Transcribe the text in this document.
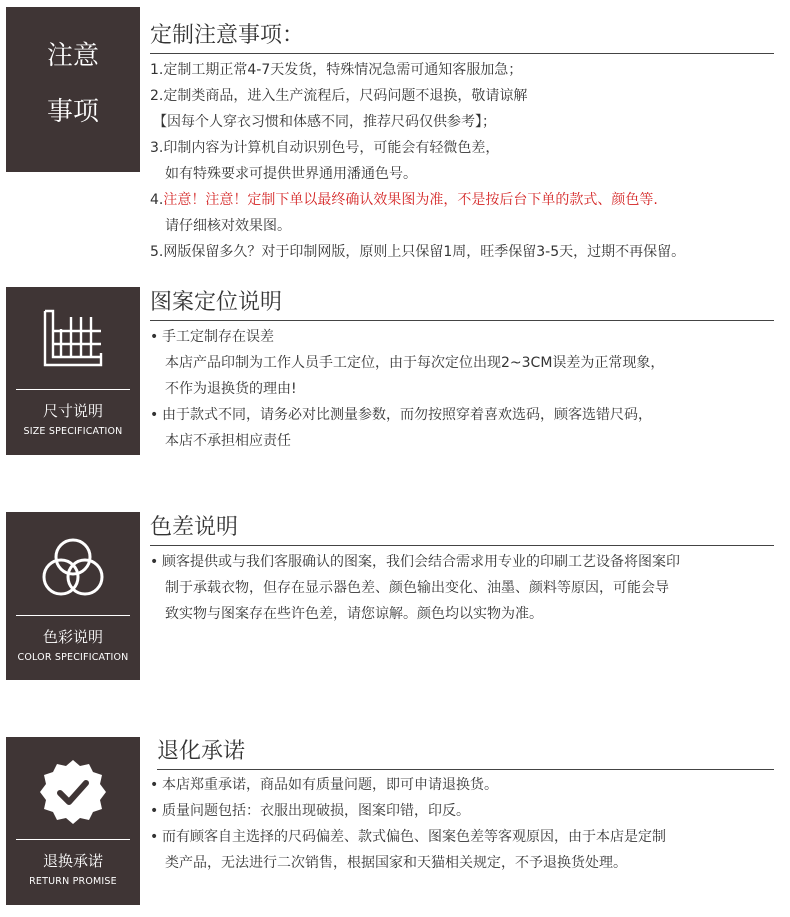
注意
事项
定制注意事项：
1.定制工期正常4-7天发货，特殊情况急需可通知客服加急；
2.定制类商品，进入生产流程后，尺码问题不退换，敬请谅解
【因每个人穿衣习惯和体感不同，推荐尺码仅供参考】；
3.印制内容为计算机自动识别色号，可能会有轻微色差，
如有特殊要求可提供世界通用潘通色号。
4.注意！注意！定制下单以最终确认效果图为准，不是按后台下单的款式、颜色等.
请仔细核对效果图。
5.网版保留多久？对于印制网版，原则上只保留1周，旺季保留3-5天，过期不再保留。
尺寸说明
SIZE SPECIFICATION
图案定位说明
• 手工定制存在误差
本店产品印制为工作人员手工定位，由于每次定位出现2~3CM误差为正常现象，
不作为退换货的理由!
• 由于款式不同，请务必对比测量参数，而勿按照穿着喜欢选码，顾客选错尺码，
本店不承担相应责任
色彩说明
COLOR SPECIFICATION
色差说明
• 顾客提供或与我们客服确认的图案，我们会结合需求用专业的印刷工艺设备将图案印
制于承载衣物，但存在显示器色差、颜色输出变化、油墨、颜料等原因，可能会导
致实物与图案存在些许色差，请您谅解。颜色均以实物为准。
退换承诺
RETURN PROMISE
退化承诺
• 本店郑重承诺，商品如有质量问题，即可申请退换货。
• 质量问题包括：衣服出现破损，图案印错，印反。
• 而有顾客自主选择的尺码偏差、款式偏色、图案色差等客观原因，由于本店是定制
类产品，无法进行二次销售，根据国家和天猫相关规定，不予退换货处理。
